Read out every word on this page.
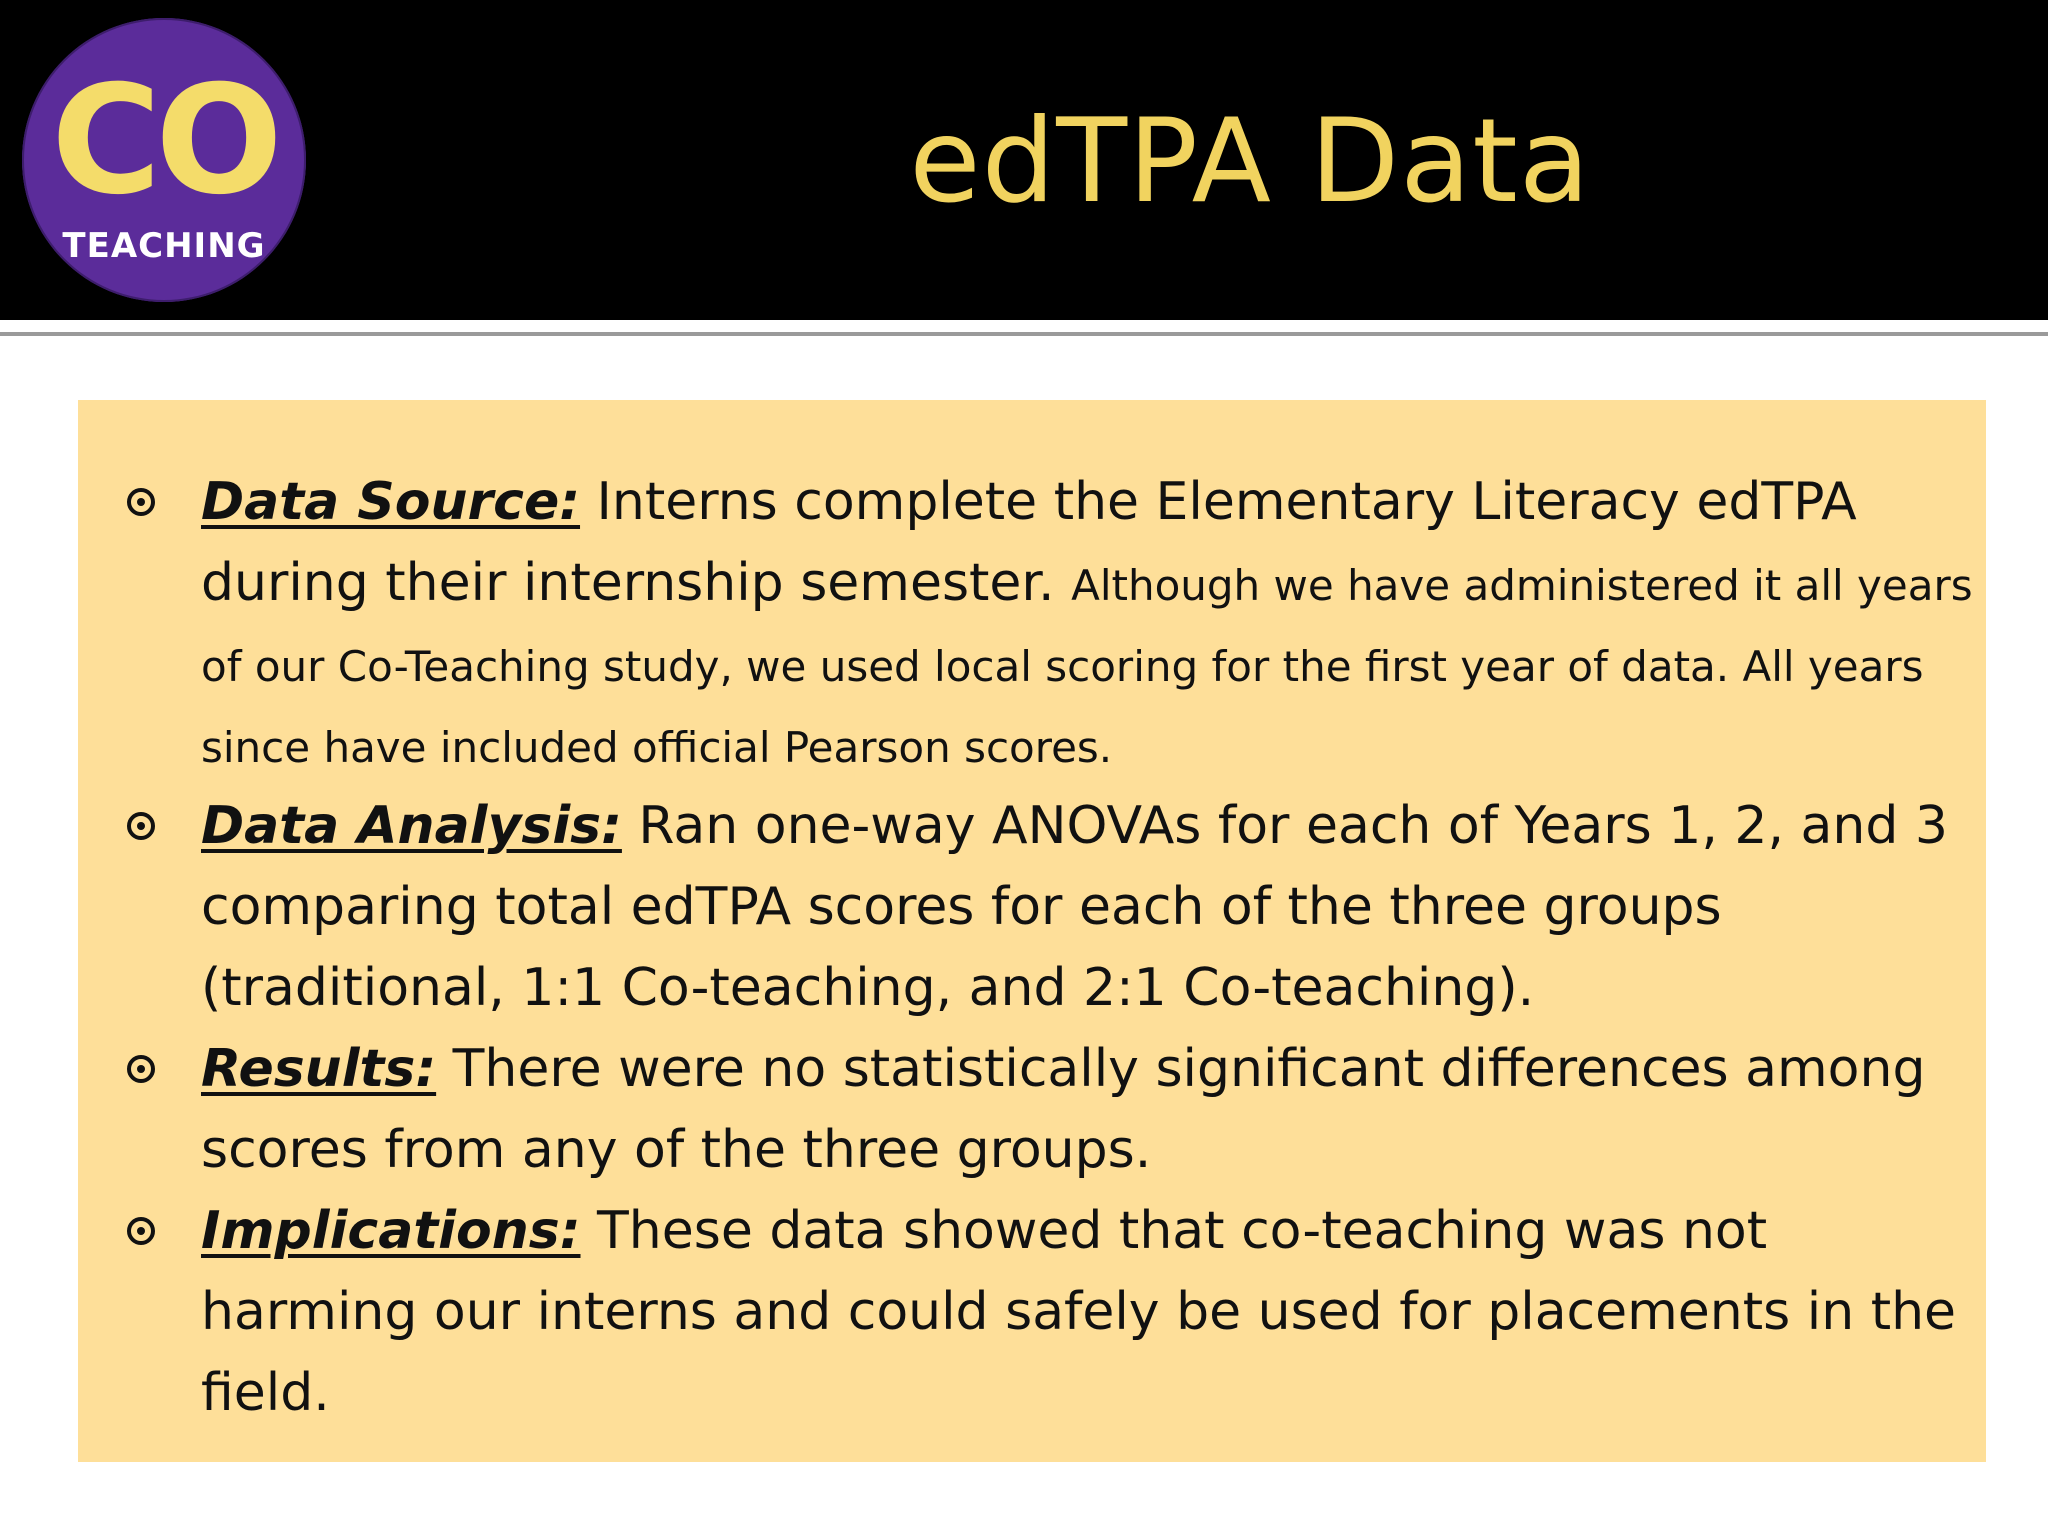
CO
TEACHING
edTPA Data
Data Source: Interns complete the Elementary Literacy edTPA during their internship semester. Although we have administered it all years of our Co-Teaching study, we used local scoring for the first year of data. All years since have included official Pearson scores.
Data Analysis: Ran one-way ANOVAs for each of Years 1, 2, and 3 comparing total edTPA scores for each of the three groups (traditional, 1:1 Co-teaching, and 2:1 Co-teaching).
Results: There were no statistically significant differences among scores from any of the three groups.
Implications: These data showed that co-teaching was not harming our interns and could safely be used for placements in the field.
